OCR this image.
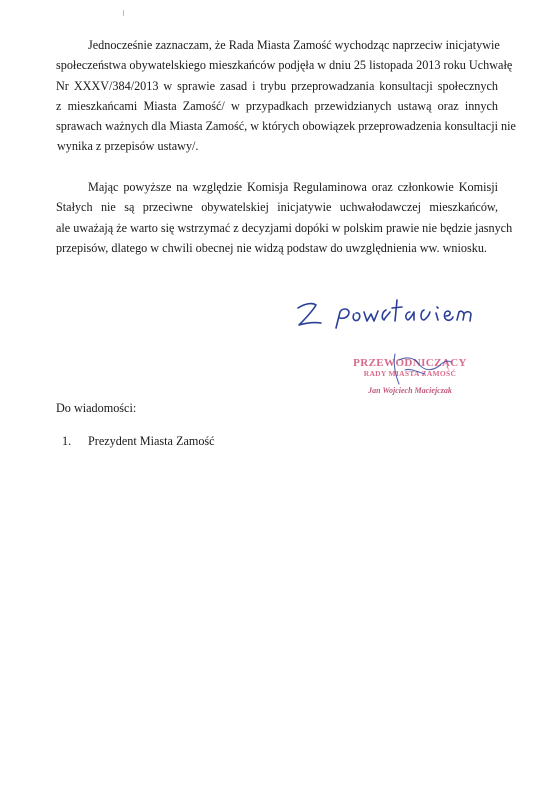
Jednocześnie zaznaczam, że Rada Miasta Zamość wychodząc naprzeciw inicjatywie
społeczeństwa obywatelskiego mieszkańców podjęła w dniu 25 listopada 2013 roku Uchwałę
Nr XXXV/384/2013 w sprawie zasad i trybu przeprowadzania konsultacji społecznych
z mieszkańcami Miasta Zamość/ w przypadkach przewidzianych ustawą oraz innych
sprawach ważnych dla Miasta Zamość, w których obowiązek przeprowadzenia konsultacji nie
wynika z przepisów ustawy/.

Mając powyższe na względzie Komisja Regulaminowa oraz członkowie Komisji
Stałych nie są przeciwne obywatelskiej inicjatywie uchwałodawczej mieszkańców,
ale uważają że warto się wstrzymać z decyzjami dopóki w polskim prawie nie będzie jasnych
przepisów, dlatego w chwili obecnej nie widzą podstaw do uwzględnienia ww. wniosku.

PRZEWODNICZĄCY
RADY MIASTA ZAMOŚĆ
Jan Wojciech Maciejczak

Do wiadomości:

1. Prezydent Miasta Zamość
